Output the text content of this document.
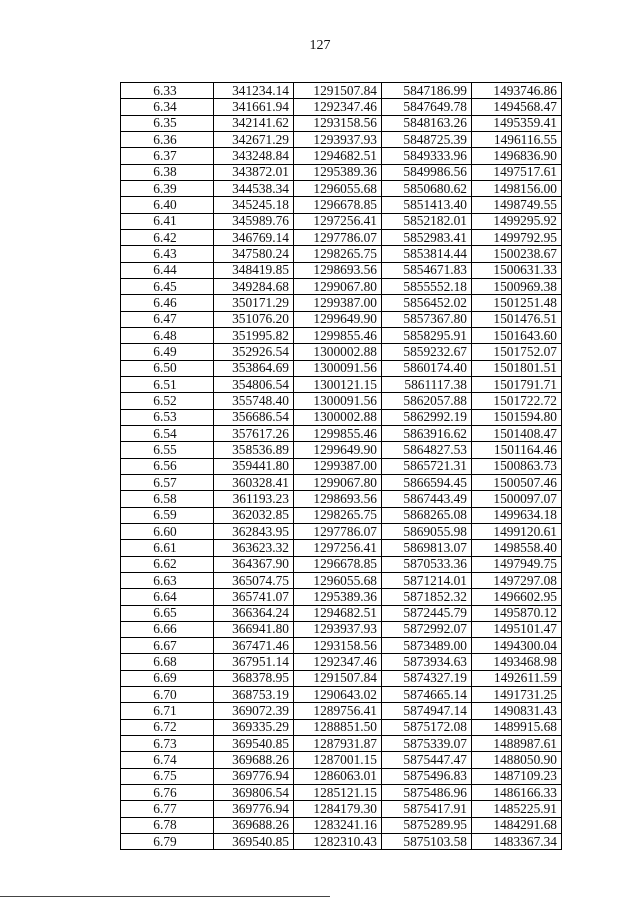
127
6.33	341234.14	1291507.84	5847186.99	1493746.86
6.34	341661.94	1292347.46	5847649.78	1494568.47
6.35	342141.62	1293158.56	5848163.26	1495359.41
6.36	342671.29	1293937.93	5848725.39	1496116.55
6.37	343248.84	1294682.51	5849333.96	1496836.90
6.38	343872.01	1295389.36	5849986.56	1497517.61
6.39	344538.34	1296055.68	5850680.62	1498156.00
6.40	345245.18	1296678.85	5851413.40	1498749.55
6.41	345989.76	1297256.41	5852182.01	1499295.92
6.42	346769.14	1297786.07	5852983.41	1499792.95
6.43	347580.24	1298265.75	5853814.44	1500238.67
6.44	348419.85	1298693.56	5854671.83	1500631.33
6.45	349284.68	1299067.80	5855552.18	1500969.38
6.46	350171.29	1299387.00	5856452.02	1501251.48
6.47	351076.20	1299649.90	5857367.80	1501476.51
6.48	351995.82	1299855.46	5858295.91	1501643.60
6.49	352926.54	1300002.88	5859232.67	1501752.07
6.50	353864.69	1300091.56	5860174.40	1501801.51
6.51	354806.54	1300121.15	5861117.38	1501791.71
6.52	355748.40	1300091.56	5862057.88	1501722.72
6.53	356686.54	1300002.88	5862992.19	1501594.80
6.54	357617.26	1299855.46	5863916.62	1501408.47
6.55	358536.89	1299649.90	5864827.53	1501164.46
6.56	359441.80	1299387.00	5865721.31	1500863.73
6.57	360328.41	1299067.80	5866594.45	1500507.46
6.58	361193.23	1298693.56	5867443.49	1500097.07
6.59	362032.85	1298265.75	5868265.08	1499634.18
6.60	362843.95	1297786.07	5869055.98	1499120.61
6.61	363623.32	1297256.41	5869813.07	1498558.40
6.62	364367.90	1296678.85	5870533.36	1497949.75
6.63	365074.75	1296055.68	5871214.01	1497297.08
6.64	365741.07	1295389.36	5871852.32	1496602.95
6.65	366364.24	1294682.51	5872445.79	1495870.12
6.66	366941.80	1293937.93	5872992.07	1495101.47
6.67	367471.46	1293158.56	5873489.00	1494300.04
6.68	367951.14	1292347.46	5873934.63	1493468.98
6.69	368378.95	1291507.84	5874327.19	1492611.59
6.70	368753.19	1290643.02	5874665.14	1491731.25
6.71	369072.39	1289756.41	5874947.14	1490831.43
6.72	369335.29	1288851.50	5875172.08	1489915.68
6.73	369540.85	1287931.87	5875339.07	1488987.61
6.74	369688.26	1287001.15	5875447.47	1488050.90
6.75	369776.94	1286063.01	5875496.83	1487109.23
6.76	369806.54	1285121.15	5875486.96	1486166.33
6.77	369776.94	1284179.30	5875417.91	1485225.91
6.78	369688.26	1283241.16	5875289.95	1484291.68
6.79	369540.85	1282310.43	5875103.58	1483367.34
